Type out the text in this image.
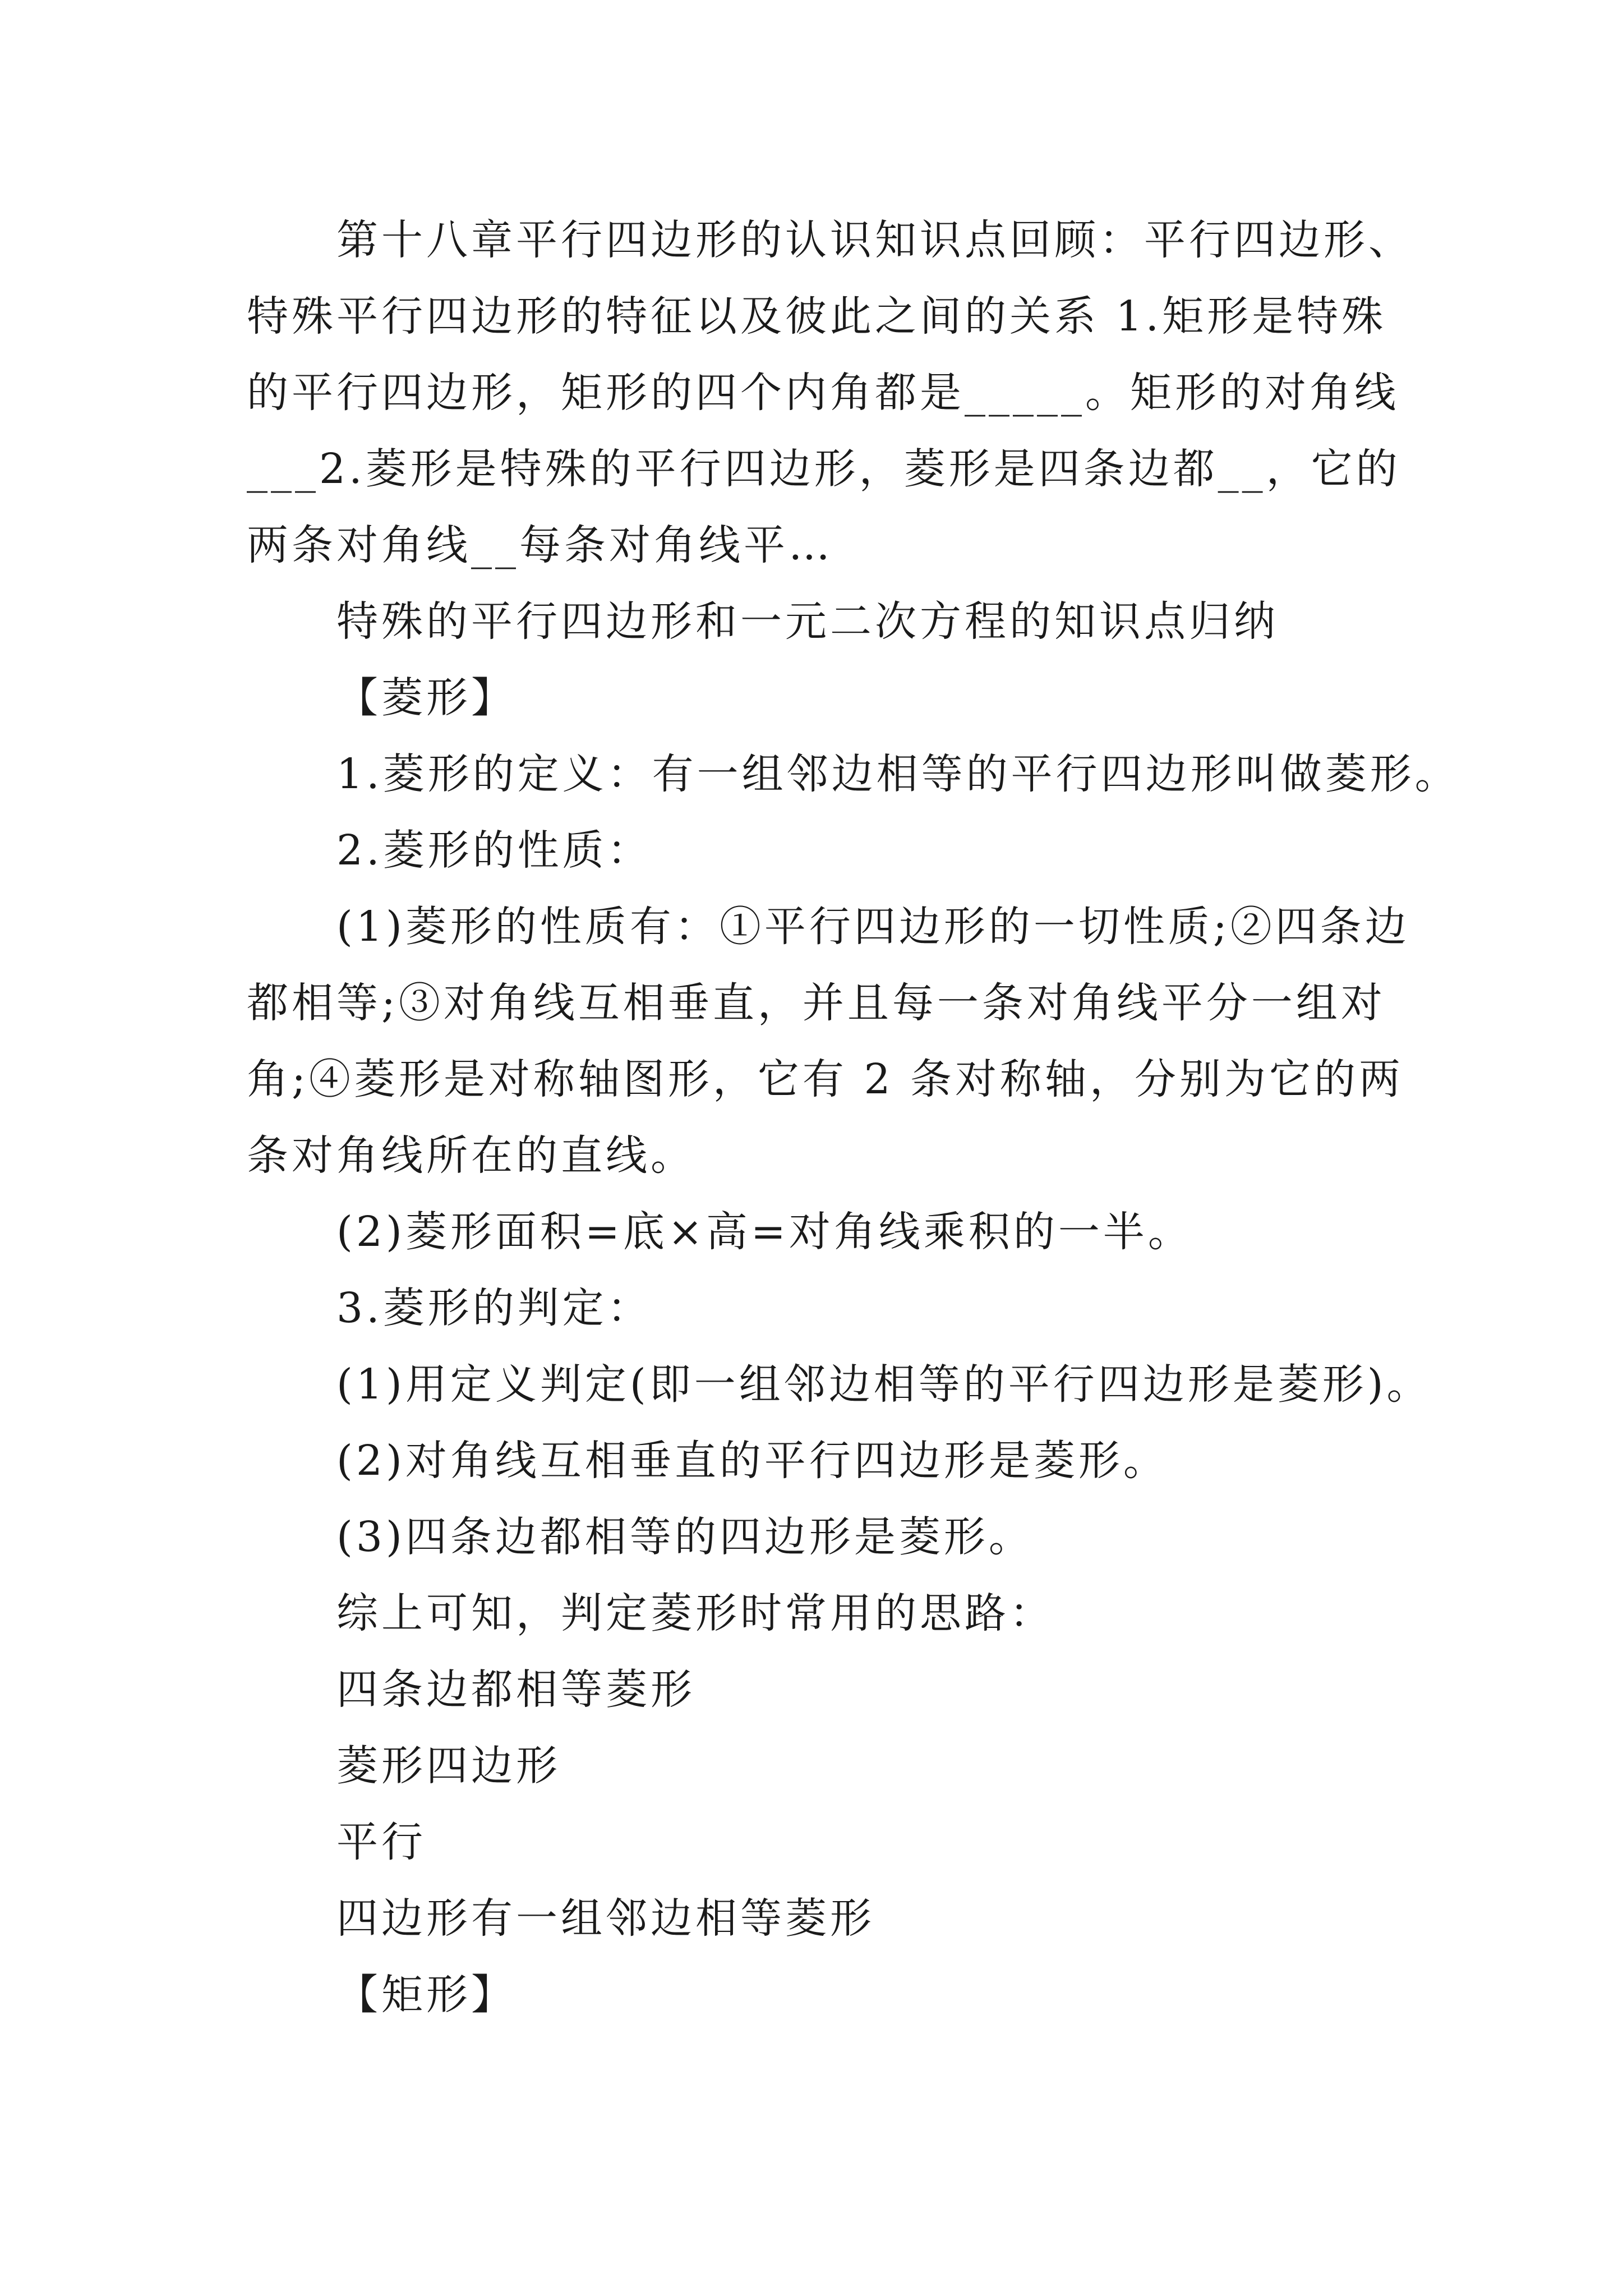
第十八章平行四边形的认识知识点回顾：平行四边形、
特殊平行四边形的特征以及彼此之间的关系 1.矩形是特殊
的平行四边形，矩形的四个内角都是_____。矩形的对角线
___2.菱形是特殊的平行四边形，菱形是四条边都__，它的
两条对角线__每条对角线平…

特殊的平行四边形和一元二次方程的知识点归纳

【菱形】

1.菱形的定义：有一组邻边相等的平行四边形叫做菱形。

2.菱形的性质：

(1)菱形的性质有：①平行四边形的一切性质;②四条边
都相等;③对角线互相垂直，并且每一条对角线平分一组对
角;④菱形是对称轴图形，它有 2 条对称轴，分别为它的两
条对角线所在的直线。

(2)菱形面积=底×高=对角线乘积的一半。

3.菱形的判定：

(1)用定义判定(即一组邻边相等的平行四边形是菱形)。

(2)对角线互相垂直的平行四边形是菱形。

(3)四条边都相等的四边形是菱形。

综上可知，判定菱形时常用的思路：

四条边都相等菱形

菱形四边形

平行

四边形有一组邻边相等菱形

【矩形】
